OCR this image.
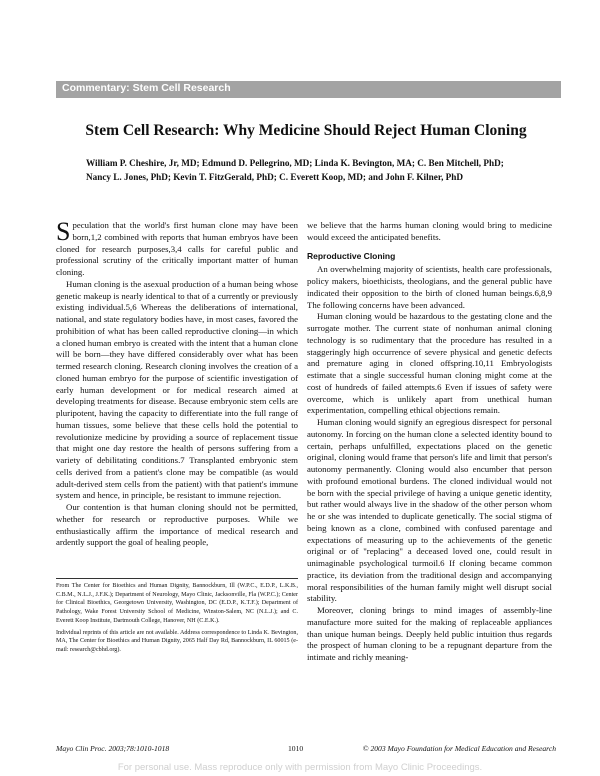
Commentary: Stem Cell Research
Stem Cell Research: Why Medicine Should Reject Human Cloning
William P. Cheshire, Jr, MD; Edmund D. Pellegrino, MD; Linda K. Bevington, MA; C. Ben Mitchell, PhD; Nancy L. Jones, PhD; Kevin T. FitzGerald, PhD; C. Everett Koop, MD; and John F. Kilner, PhD

Speculation that the world's first human clone may have been born,1,2 combined with reports that human embryos have been cloned for research purposes,3,4 calls for careful public and professional scrutiny of the critically important matter of human cloning.

Human cloning is the asexual production of a human being whose genetic makeup is nearly identical to that of a currently or previously existing individual.5,6 Whereas the deliberations of international, national, and state regulatory bodies have, in most cases, favored the prohibition of what has been called reproductive cloning—in which a cloned human embryo is created with the intent that a human clone will be born—they have differed considerably over what has been termed research cloning. Research cloning involves the creation of a cloned human embryo for the purpose of scientific investigation of early human development or for medical research aimed at developing treatments for disease. Because embryonic stem cells are pluripotent, having the capacity to differentiate into the full range of human tissues, some believe that these cells hold the potential to revolutionize medicine by providing a source of replacement tissue that might one day restore the health of persons suffering from a variety of debilitating conditions.7 Transplanted embryonic stem cells derived from a patient's clone may be compatible (as would adult-derived stem cells from the patient) with that patient's immune system and hence, in principle, be resistant to immune rejection.

Our contention is that human cloning should not be permitted, whether for research or reproductive purposes. While we enthusiastically affirm the importance of medical research and ardently support the goal of healing people,

From The Center for Bioethics and Human Dignity, Bannockburn, Ill (W.P.C., E.D.P., L.K.B., C.B.M., N.L.J., J.F.K.); Department of Neurology, Mayo Clinic, Jacksonville, Fla (W.P.C.); Center for Clinical Bioethics, Georgetown University, Washington, DC (E.D.P., K.T.F.); Department of Pathology, Wake Forest University School of Medicine, Winston-Salem, NC (N.L.J.); and C. Everett Koop Institute, Dartmouth College, Hanover, NH (C.E.K.).

Individual reprints of this article are not available. Address correspondence to Linda K. Bevington, MA, The Center for Bioethics and Human Dignity, 2065 Half Day Rd, Bannockburn, IL 60015 (e-mail: research@cbhd.org).

we believe that the harms human cloning would bring to medicine would exceed the anticipated benefits.

Reproductive Cloning

An overwhelming majority of scientists, health care professionals, policy makers, bioethicists, theologians, and the general public have indicated their opposition to the birth of cloned human beings.6,8,9 The following concerns have been advanced.

Human cloning would be hazardous to the gestating clone and the surrogate mother. The current state of nonhuman animal cloning technology is so rudimentary that the procedure has resulted in a staggeringly high occurrence of severe physical and genetic defects and premature aging in cloned offspring.10,11 Embryologists estimate that a single successful human cloning might come at the cost of hundreds of failed attempts.6 Even if issues of safety were overcome, which is unlikely apart from unethical human experimentation, compelling ethical objections remain.

Human cloning would signify an egregious disrespect for personal autonomy. In forcing on the human clone a selected identity bound to certain, perhaps unfulfilled, expectations placed on the genetic original, cloning would frame that person's life and limit that person's autonomy permanently. Cloning would also encumber that person with profound emotional burdens. The cloned individual would not be born with the special privilege of having a unique genetic identity, but rather would always live in the shadow of the other person whom he or she was intended to duplicate genetically. The social stigma of being known as a clone, combined with confused parentage and expectations of measuring up to the achievements of the genetic original or of "replacing" a deceased loved one, could result in unimaginable psychological turmoil.6 If cloning became common practice, its deviation from the traditional design and accompanying moral responsibilities of the human family might well disrupt social stability.

Moreover, cloning brings to mind images of assembly-line manufacture more suited for the making of replaceable appliances than unique human beings. Deeply held public intuition thus regards the prospect of human cloning to be a repugnant departure from the intimate and richly meaning-

Mayo Clin Proc. 2003;78:1010-1018	1010	© 2003 Mayo Foundation for Medical Education and Research
For personal use. Mass reproduce only with permission from Mayo Clinic Proceedings.
